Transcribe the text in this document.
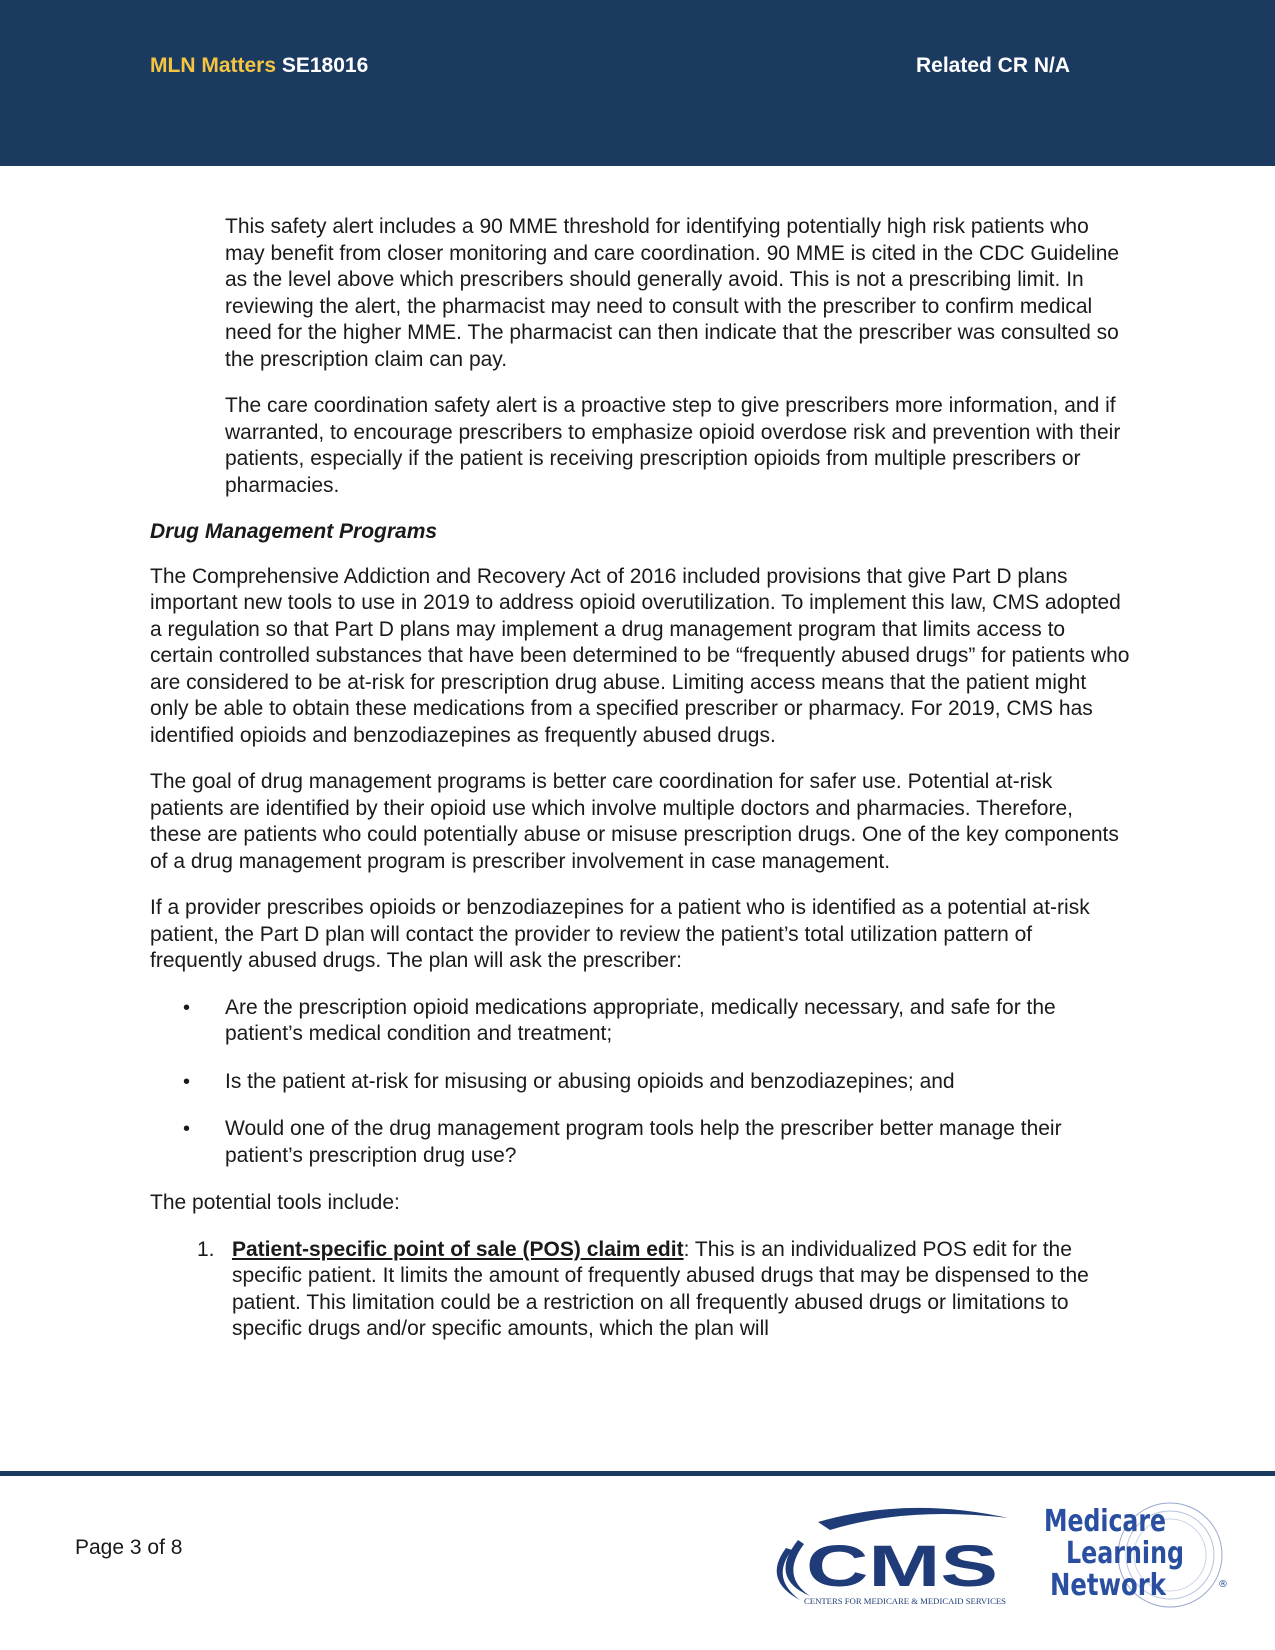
MLN Matters SE18016	Related CR N/A

This safety alert includes a 90 MME threshold for identifying potentially high risk patients who may benefit from closer monitoring and care coordination. 90 MME is cited in the CDC Guideline as the level above which prescribers should generally avoid. This is not a prescribing limit. In reviewing the alert, the pharmacist may need to consult with the prescriber to confirm medical need for the higher MME. The pharmacist can then indicate that the prescriber was consulted so the prescription claim can pay.

The care coordination safety alert is a proactive step to give prescribers more information, and if warranted, to encourage prescribers to emphasize opioid overdose risk and prevention with their patients, especially if the patient is receiving prescription opioids from multiple prescribers or pharmacies.

Drug Management Programs

The Comprehensive Addiction and Recovery Act of 2016 included provisions that give Part D plans important new tools to use in 2019 to address opioid overutilization. To implement this law, CMS adopted a regulation so that Part D plans may implement a drug management program that limits access to certain controlled substances that have been determined to be “frequently abused drugs” for patients who are considered to be at-risk for prescription drug abuse. Limiting access means that the patient might only be able to obtain these medications from a specified prescriber or pharmacy. For 2019, CMS has identified opioids and benzodiazepines as frequently abused drugs.

The goal of drug management programs is better care coordination for safer use. Potential at-risk patients are identified by their opioid use which involve multiple doctors and pharmacies. Therefore, these are patients who could potentially abuse or misuse prescription drugs. One of the key components of a drug management program is prescriber involvement in case management.

If a provider prescribes opioids or benzodiazepines for a patient who is identified as a potential at-risk patient, the Part D plan will contact the provider to review the patient’s total utilization pattern of frequently abused drugs. The plan will ask the prescriber:

• Are the prescription opioid medications appropriate, medically necessary, and safe for the patient’s medical condition and treatment;
• Is the patient at-risk for misusing or abusing opioids and benzodiazepines; and
• Would one of the drug management program tools help the prescriber better manage their patient’s prescription drug use?

The potential tools include:

1. Patient-specific point of sale (POS) claim edit: This is an individualized POS edit for the specific patient. It limits the amount of frequently abused drugs that may be dispensed to the patient. This limitation could be a restriction on all frequently abused drugs or limitations to specific drugs and/or specific amounts, which the plan will
Page 3 of 8	CMS
CENTERS FOR MEDICARE & MEDICAID SERVICES
Medicare
Learning
Network	®
